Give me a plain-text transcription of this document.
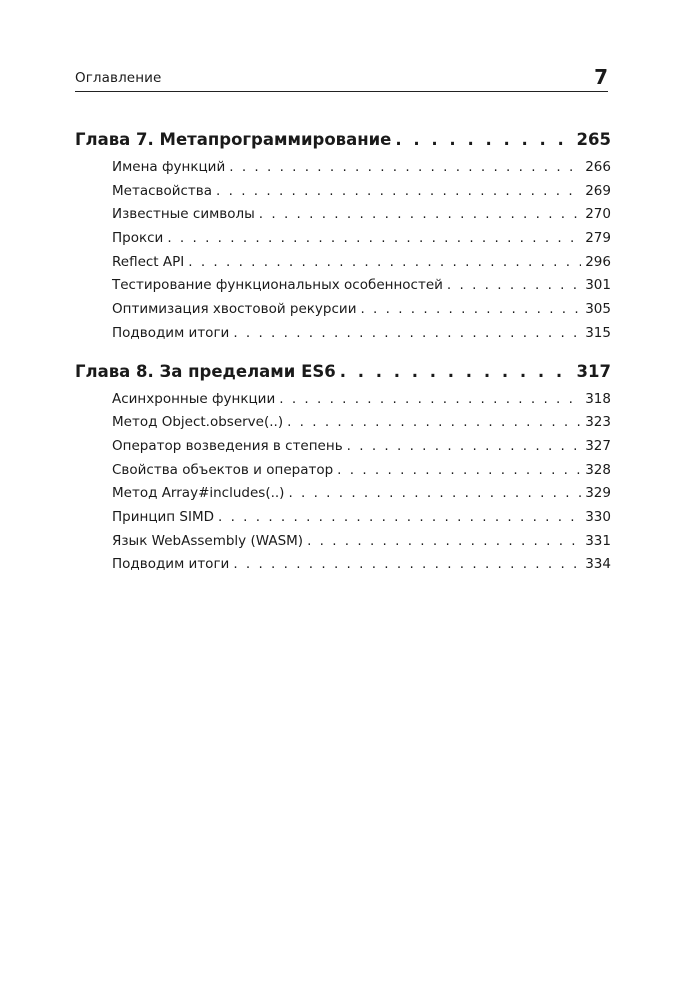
Оглавление	7
Глава 7. Метапрограммирование . . .	265
Имена функций . . .	266
Метасвойства . . .	269
Известные символы . . .	270
Прокси . . .	279
Reflect API . . .	296
Тестирование функциональных особенностей . . .	301
Оптимизация хвостовой рекурсии . . .	305
Подводим итоги . . .	315
Глава 8. За пределами ES6 . . .	317
Асинхронные функции . . .	318
Метод Object.observe(..) . . .	323
Оператор возведения в степень . . .	327
Свойства объектов и оператор . . .	328
Метод Array#includes(..) . . .	329
Принцип SIMD . . .	330
Язык WebAssembly (WASM) . . .	331
Подводим итоги . . .	334
